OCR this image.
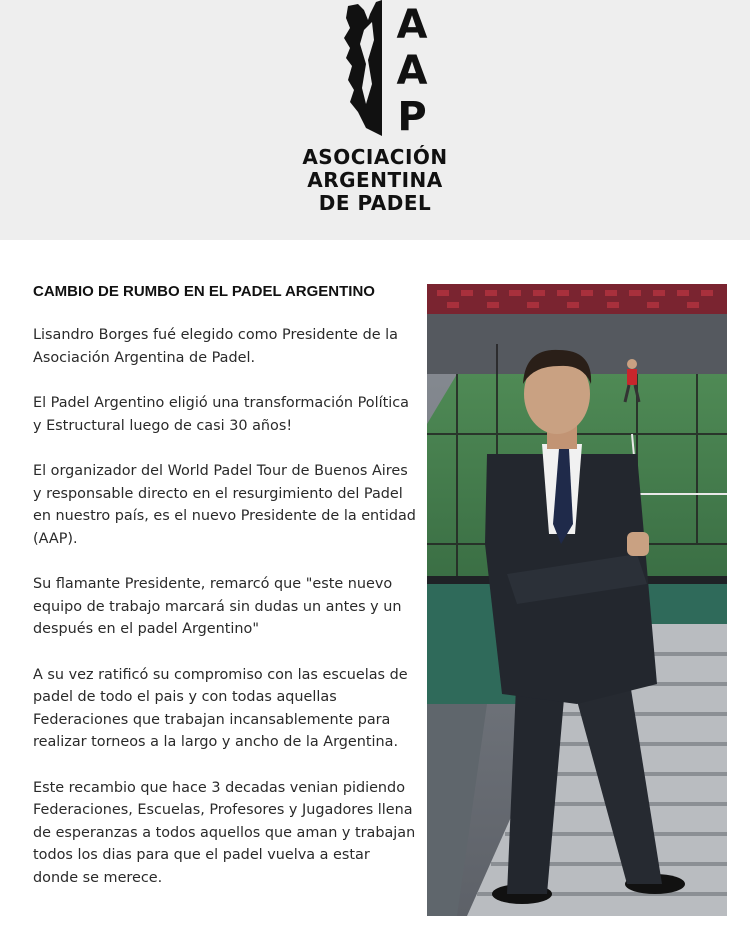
A
A
P
ASOCIACIÓN
ARGENTINA
DE PADEL
CAMBIO DE RUMBO EN EL PADEL ARGENTINO

Lisandro Borges fué elegido como Presidente de la Asociación Argentina de Padel.

El Padel Argentino eligió una transformación Política y Estructural luego de casi 30 años!

El organizador del World Padel Tour de Buenos Aires y responsable directo en el resurgimiento del Padel en nuestro país, es el nuevo Presidente de la entidad (AAP).

Su flamante Presidente, remarcó que "este nuevo equipo de trabajo marcará sin dudas un antes y un después en el padel Argentino"

A su vez ratificó su compromiso con las escuelas de padel de todo el pais y con todas aquellas Federaciones que trabajan incansablemente para realizar torneos a la largo y ancho de la Argentina.

Este recambio que hace 3 decadas venian pidiendo Federaciones, Escuelas, Profesores y Jugadores llena de esperanzas a todos aquellos que aman y trabajan todos los dias para que el padel vuelva a estar donde se merece.
